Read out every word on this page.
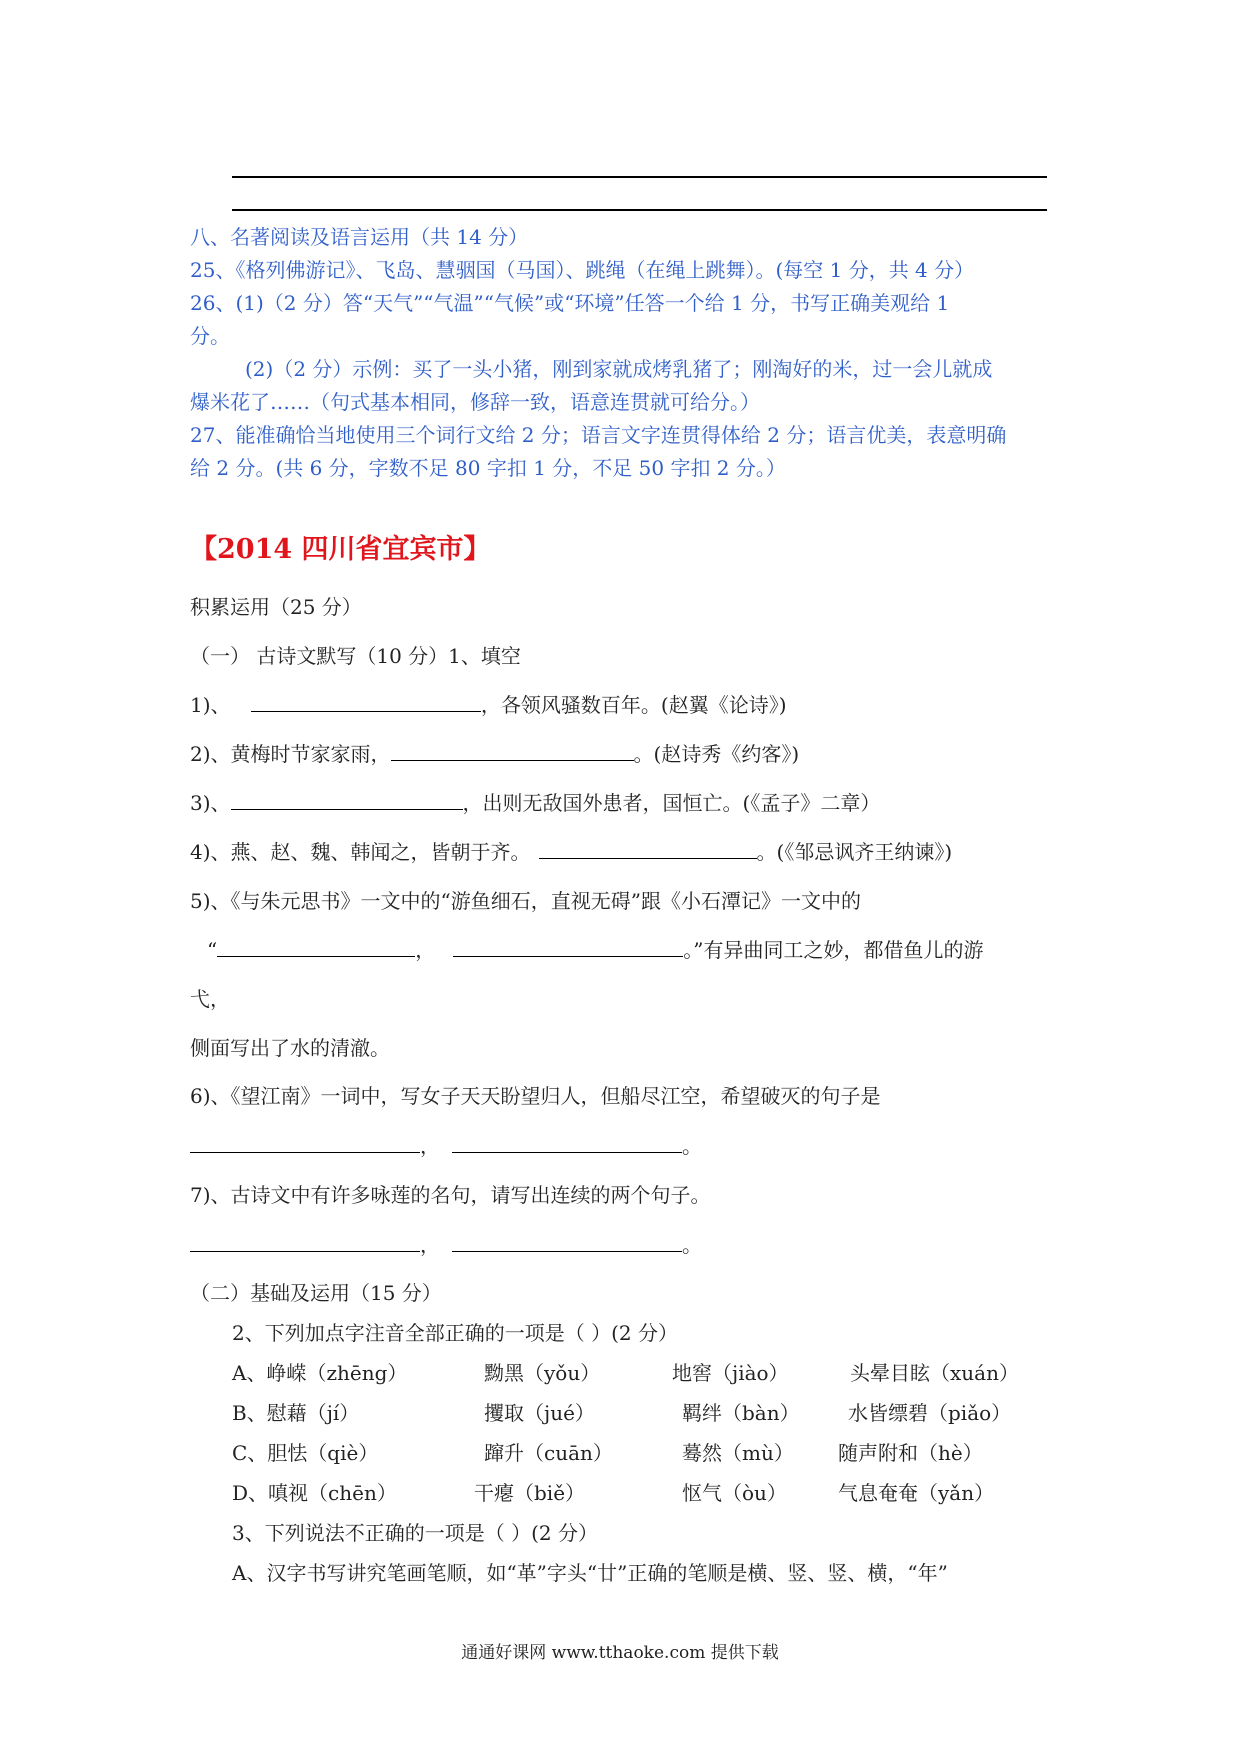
八、名著阅读及语言运用（共 14 分）
25、《格列佛游记》、飞岛、慧骃国（马国）、跳绳（在绳上跳舞）。(每空 1 分，共 4 分）
26、(1)（2 分）答“天气”“气温”“气候”或“环境”任答一个给 1 分，书写正确美观给 1
分。
(2)（2 分）示例：买了一头小猪，刚到家就成烤乳猪了；刚淘好的米，过一会儿就成
爆米花了……（句式基本相同，修辞一致，语意连贯就可给分。）
27、能准确恰当地使用三个词行文给 2 分；语言文字连贯得体给 2 分；语言优美，表意明确
给 2 分。(共 6 分，字数不足 80 字扣 1 分，不足 50 字扣 2 分。）
【2014 四川省宜宾市】
积累运用（25 分）
（一） 古诗文默写（10 分）1、填空
1)、	，各领风骚数百年。(赵翼《论诗》)
2)、黄梅时节家家雨，	。(赵诗秀《约客》)
3)、	，出则无敌国外患者，国恒亡。(《孟子》二章）
4)、燕、赵、魏、韩闻之，皆朝于齐。	。(《邹忌讽齐王纳谏》)
5)、《与朱元思书》一文中的“游鱼细石，直视无碍”跟《小石潭记》一文中的
“	，	。”有异曲同工之妙，都借鱼儿的游
弋，
侧面写出了水的清澈。
6)、《望江南》一词中，写女子天天盼望归人，但船尽江空，希望破灭的句子是
，	。
7)、古诗文中有许多咏莲的名句，请写出连续的两个句子。
，	。
（二）基础及运用（15 分）
2、下列加点字注音全部正确的一项是（ ）(2 分）
A、峥嵘（zhēng）	黝黑（yǒu）	地窖（jiào）	头晕目眩（xuán）
B、慰藉（jí）	攫取（jué）	羁绊（bàn） 水皆缥碧（piǎo）
C、胆怯（qiè）	蹿升（cuān）	蓦然（mù） 随声附和（hè）
D、嗔视（chēn）	干瘪（biě）	怄气（òu）	气息奄奄（yǎn）
3、下列说法不正确的一项是（ ）(2 分）
A、汉字书写讲究笔画笔顺，如“革”字头“廿”正确的笔顺是横、竖、竖、横，“年”
通通好课网 www.tthaoke.com 提供下载
